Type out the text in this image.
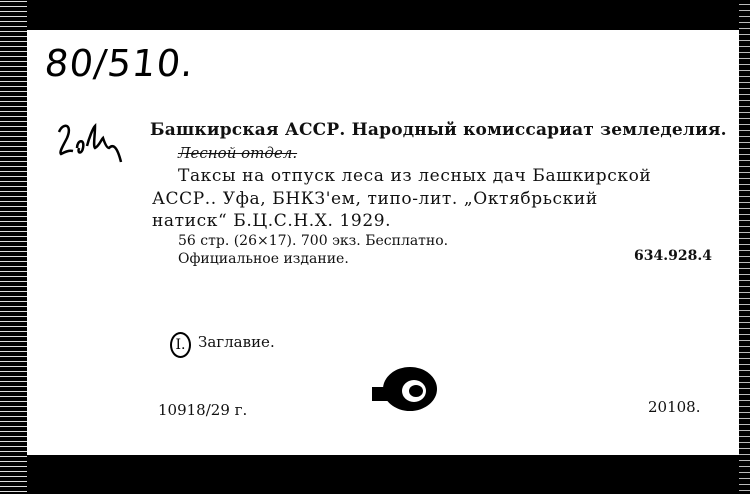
80/510.
Башкирская АССР. Народный комиссариат земледелия.
Лесной отдел.
Таксы на отпуск леса из лесных дач Башкирской
АССР.. Уфа, БНКЗ'ем, типо-лит. „Октябрьский
натиск“ Б.Ц.С.Н.Х. 1929.
56 стр. (26×17). 700 экз. Бесплатно.
Официальное издание.	634.928.4
I. Заглавие.
10918/29 г.	20108.
